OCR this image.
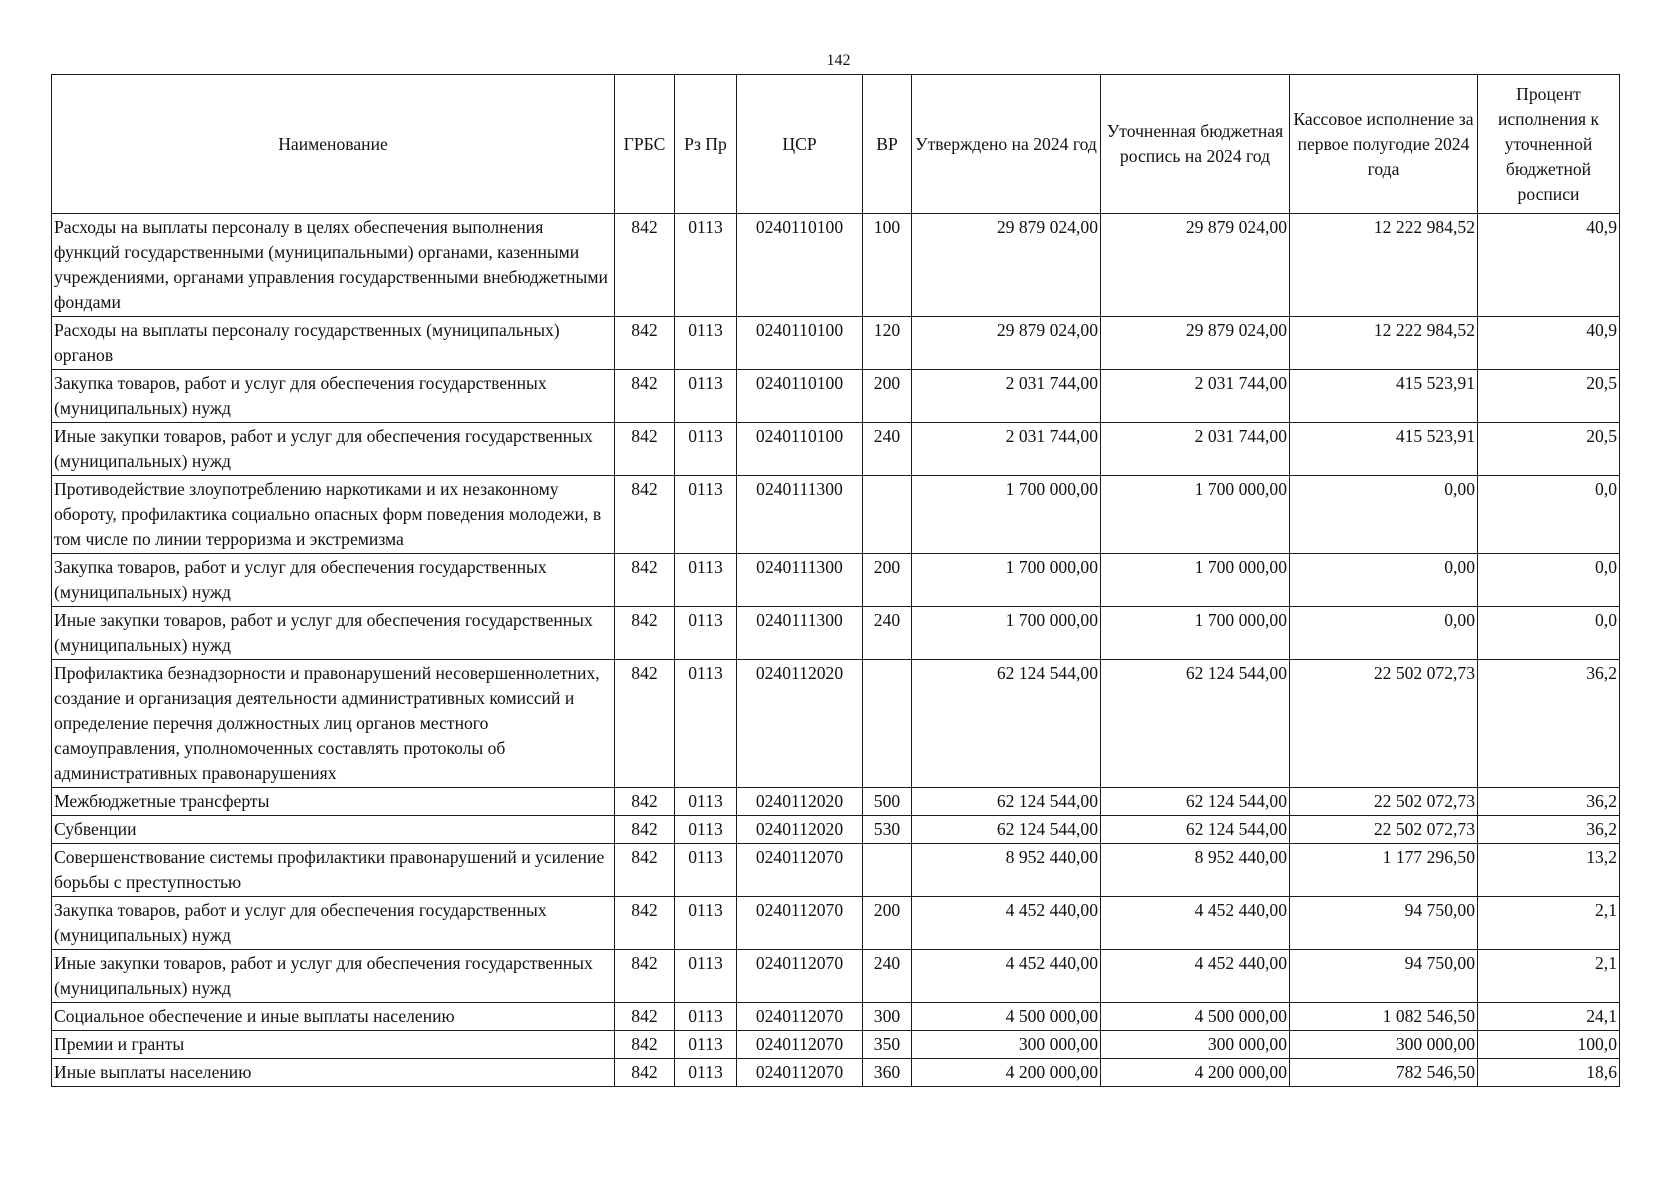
142
Наименование	ГРБС	Рз Пр	ЦСР	ВР	Утверждено на 2024 год	Уточненная бюджетная роспись на 2024 год	Кассовое исполнение за первое полугодие 2024 года	Процент исполнения к уточненной бюджетной росписи
Расходы на выплаты персоналу в целях обеспечения выполнения функций государственными (муниципальными) органами, казенными учреждениями, органами управления государственными внебюджетными фондами	842	0113	0240110100	100	29 879 024,00	29 879 024,00	12 222 984,52	40,9
Расходы на выплаты персоналу государственных (муниципальных) органов	842	0113	0240110100	120	29 879 024,00	29 879 024,00	12 222 984,52	40,9
Закупка товаров, работ и услуг для обеспечения государственных (муниципальных) нужд	842	0113	0240110100	200	2 031 744,00	2 031 744,00	415 523,91	20,5
Иные закупки товаров, работ и услуг для обеспечения государственных (муниципальных) нужд	842	0113	0240110100	240	2 031 744,00	2 031 744,00	415 523,91	20,5
Противодействие злоупотреблению наркотиками и их незаконному обороту, профилактика социально опасных форм поведения молодежи, в том числе по линии терроризма и экстремизма	842	0113	0240111300		1 700 000,00	1 700 000,00	0,00	0,0
Закупка товаров, работ и услуг для обеспечения государственных (муниципальных) нужд	842	0113	0240111300	200	1 700 000,00	1 700 000,00	0,00	0,0
Иные закупки товаров, работ и услуг для обеспечения государственных (муниципальных) нужд	842	0113	0240111300	240	1 700 000,00	1 700 000,00	0,00	0,0
Профилактика безнадзорности и правонарушений несовершеннолетних, создание и организация деятельности административных комиссий и определение перечня должностных лиц органов местного самоуправления, уполномоченных составлять протоколы об административных правонарушениях	842	0113	0240112020		62 124 544,00	62 124 544,00	22 502 072,73	36,2
Межбюджетные трансферты	842	0113	0240112020	500	62 124 544,00	62 124 544,00	22 502 072,73	36,2
Субвенции	842	0113	0240112020	530	62 124 544,00	62 124 544,00	22 502 072,73	36,2
Совершенствование системы профилактики правонарушений и усиление борьбы с преступностью	842	0113	0240112070		8 952 440,00	8 952 440,00	1 177 296,50	13,2
Закупка товаров, работ и услуг для обеспечения государственных (муниципальных) нужд	842	0113	0240112070	200	4 452 440,00	4 452 440,00	94 750,00	2,1
Иные закупки товаров, работ и услуг для обеспечения государственных (муниципальных) нужд	842	0113	0240112070	240	4 452 440,00	4 452 440,00	94 750,00	2,1
Социальное обеспечение и иные выплаты населению	842	0113	0240112070	300	4 500 000,00	4 500 000,00	1 082 546,50	24,1
Премии и гранты	842	0113	0240112070	350	300 000,00	300 000,00	300 000,00	100,0
Иные выплаты населению	842	0113	0240112070	360	4 200 000,00	4 200 000,00	782 546,50	18,6
